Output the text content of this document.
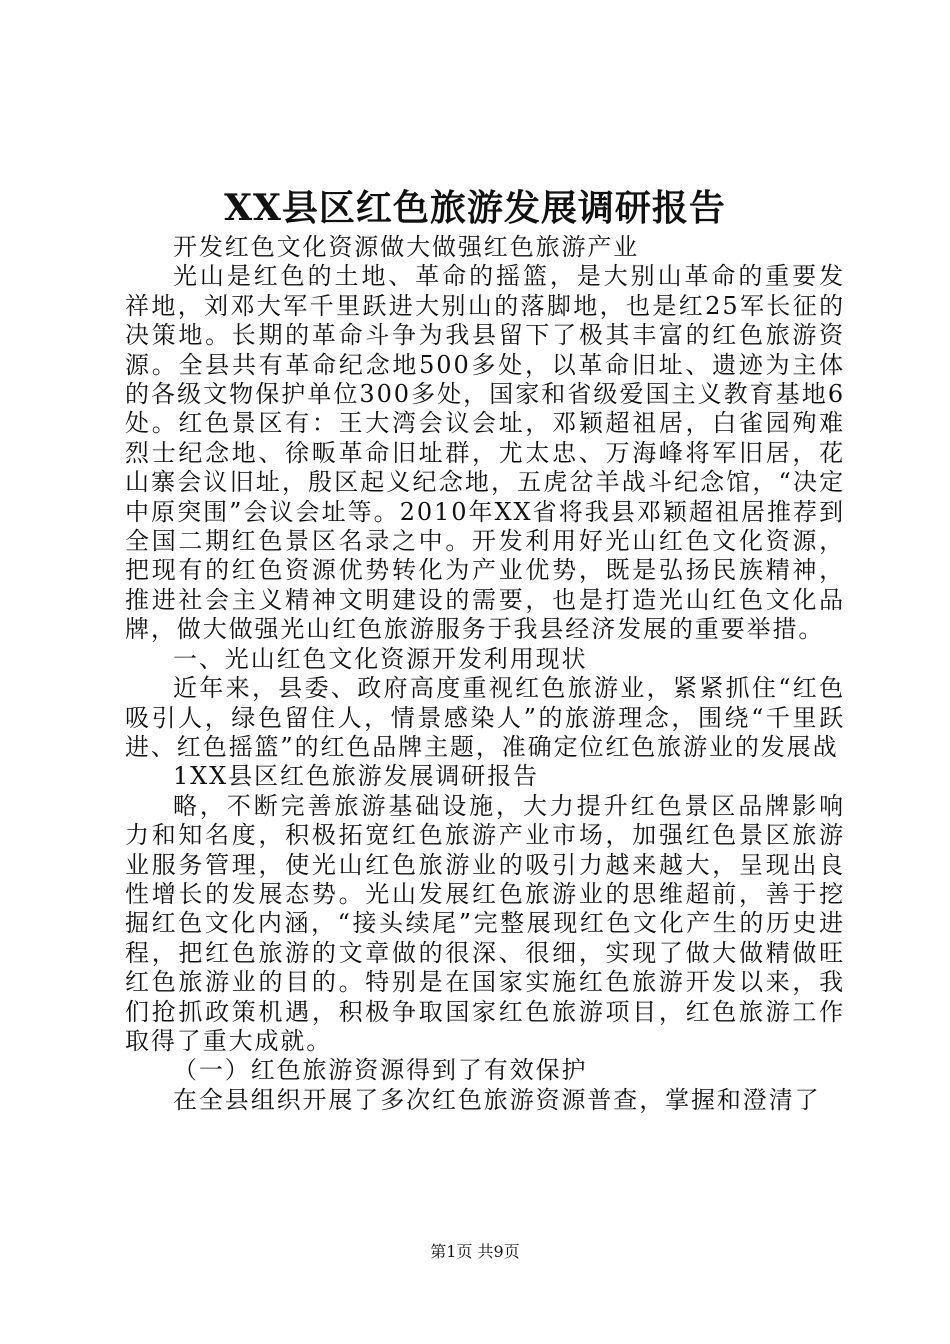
XX县区红色旅游发展调研报告

开发红色文化资源做大做强红色旅游产业

光山是红色的土地、革命的摇篮，是大别山革命的重要发祥地，刘邓大军千里跃进大别山的落脚地，也是红25军长征的决策地。长期的革命斗争为我县留下了极其丰富的红色旅游资源。全县共有革命纪念地500多处，以革命旧址、遗迹为主体的各级文物保护单位300多处，国家和省级爱国主义教育基地6处。红色景区有：王大湾会议会址，邓颖超祖居，白雀园殉难烈士纪念地、徐畈革命旧址群，尤太忠、万海峰将军旧居，花山寨会议旧址，殷区起义纪念地，五虎岔羊战斗纪念馆，“决定中原突围”会议会址等。2010年XX省将我县邓颖超祖居推荐到全国二期红色景区名录之中。开发利用好光山红色文化资源，把现有的红色资源优势转化为产业优势，既是弘扬民族精神，推进社会主义精神文明建设的需要，也是打造光山红色文化品牌，做大做强光山红色旅游服务于我县经济发展的重要举措。

一、光山红色文化资源开发利用现状

近年来，县委、政府高度重视红色旅游业，紧紧抓住“红色吸引人，绿色留住人，情景感染人”的旅游理念，围绕“千里跃进、红色摇篮”的红色品牌主题，准确定位红色旅游业的发展战

1XX县区红色旅游发展调研报告

略，不断完善旅游基础设施，大力提升红色景区品牌影响力和知名度，积极拓宽红色旅游产业市场，加强红色景区旅游业服务管理，使光山红色旅游业的吸引力越来越大，呈现出良性增长的发展态势。光山发展红色旅游业的思维超前，善于挖掘红色文化内涵，“接头续尾”完整展现红色文化产生的历史进程，把红色旅游的文章做的很深、很细，实现了做大做精做旺红色旅游业的目的。特别是在国家实施红色旅游开发以来，我们抢抓政策机遇，积极争取国家红色旅游项目，红色旅游工作取得了重大成就。

（一）红色旅游资源得到了有效保护

在全县组织开展了多次红色旅游资源普查，掌握和澄清了

第1页 共9页
